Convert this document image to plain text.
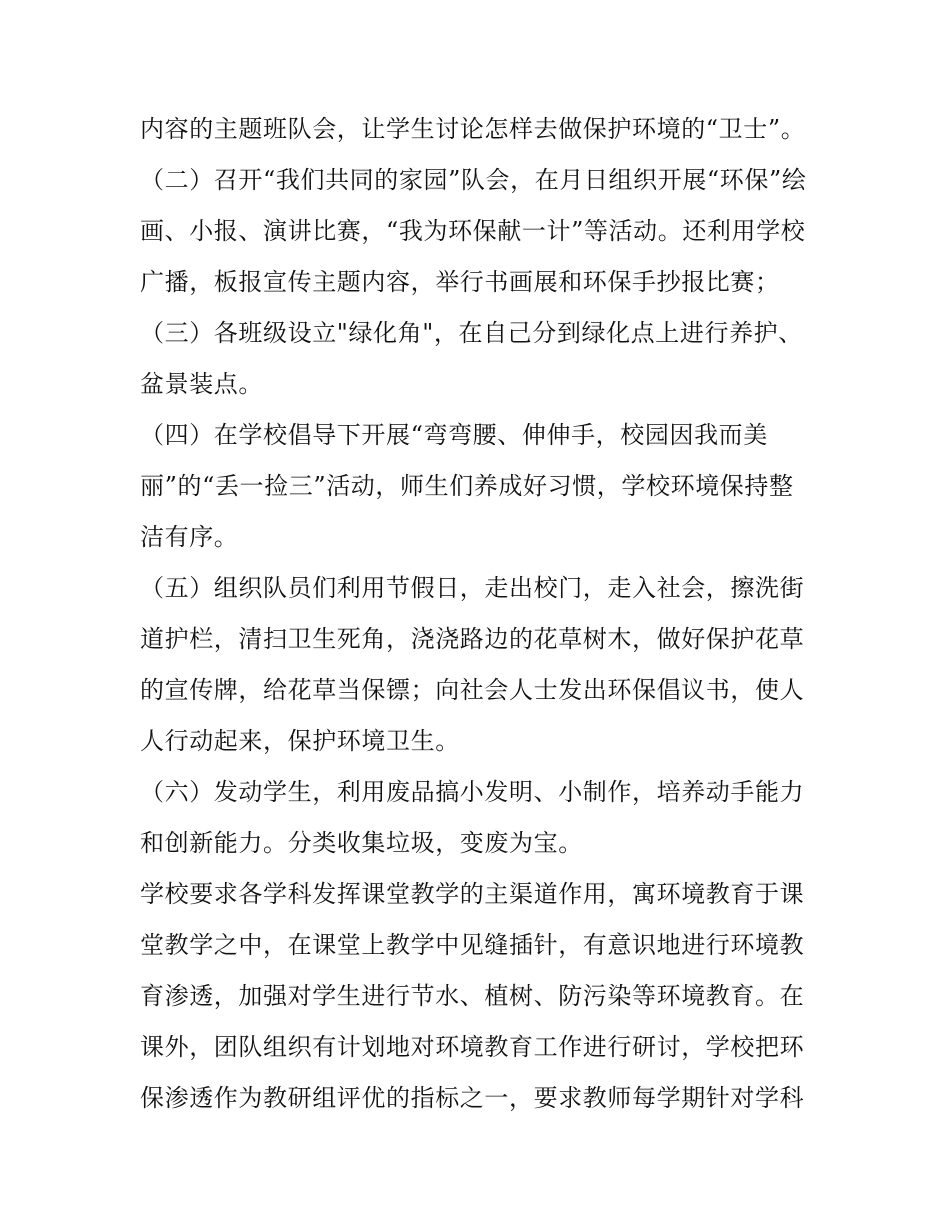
内容的主题班队会，让学生讨论怎样去做保护环境的“卫士”。
（二）召开“我们共同的家园”队会，在月日组织开展“环保”绘
画、小报、演讲比赛，“我为环保献一计”等活动。还利用学校
广播，板报宣传主题内容，举行书画展和环保手抄报比赛；
（三）各班级设立"绿化角"，在自己分到绿化点上进行养护、
盆景装点。
（四）在学校倡导下开展“弯弯腰、伸伸手，校园因我而美
丽”的“丢一捡三”活动，师生们养成好习惯，学校环境保持整
洁有序。
（五）组织队员们利用节假日，走出校门，走入社会，擦洗街
道护栏，清扫卫生死角，浇浇路边的花草树木，做好保护花草
的宣传牌，给花草当保镖；向社会人士发出环保倡议书，使人
人行动起来，保护环境卫生。
（六）发动学生，利用废品搞小发明、小制作，培养动手能力
和创新能力。分类收集垃圾，变废为宝。
学校要求各学科发挥课堂教学的主渠道作用，寓环境教育于课
堂教学之中，在课堂上教学中见缝插针，有意识地进行环境教
育渗透，加强对学生进行节水、植树、防污染等环境教育。在
课外，团队组织有计划地对环境教育工作进行研讨，学校把环
保渗透作为教研组评优的指标之一，要求教师每学期针对学科
